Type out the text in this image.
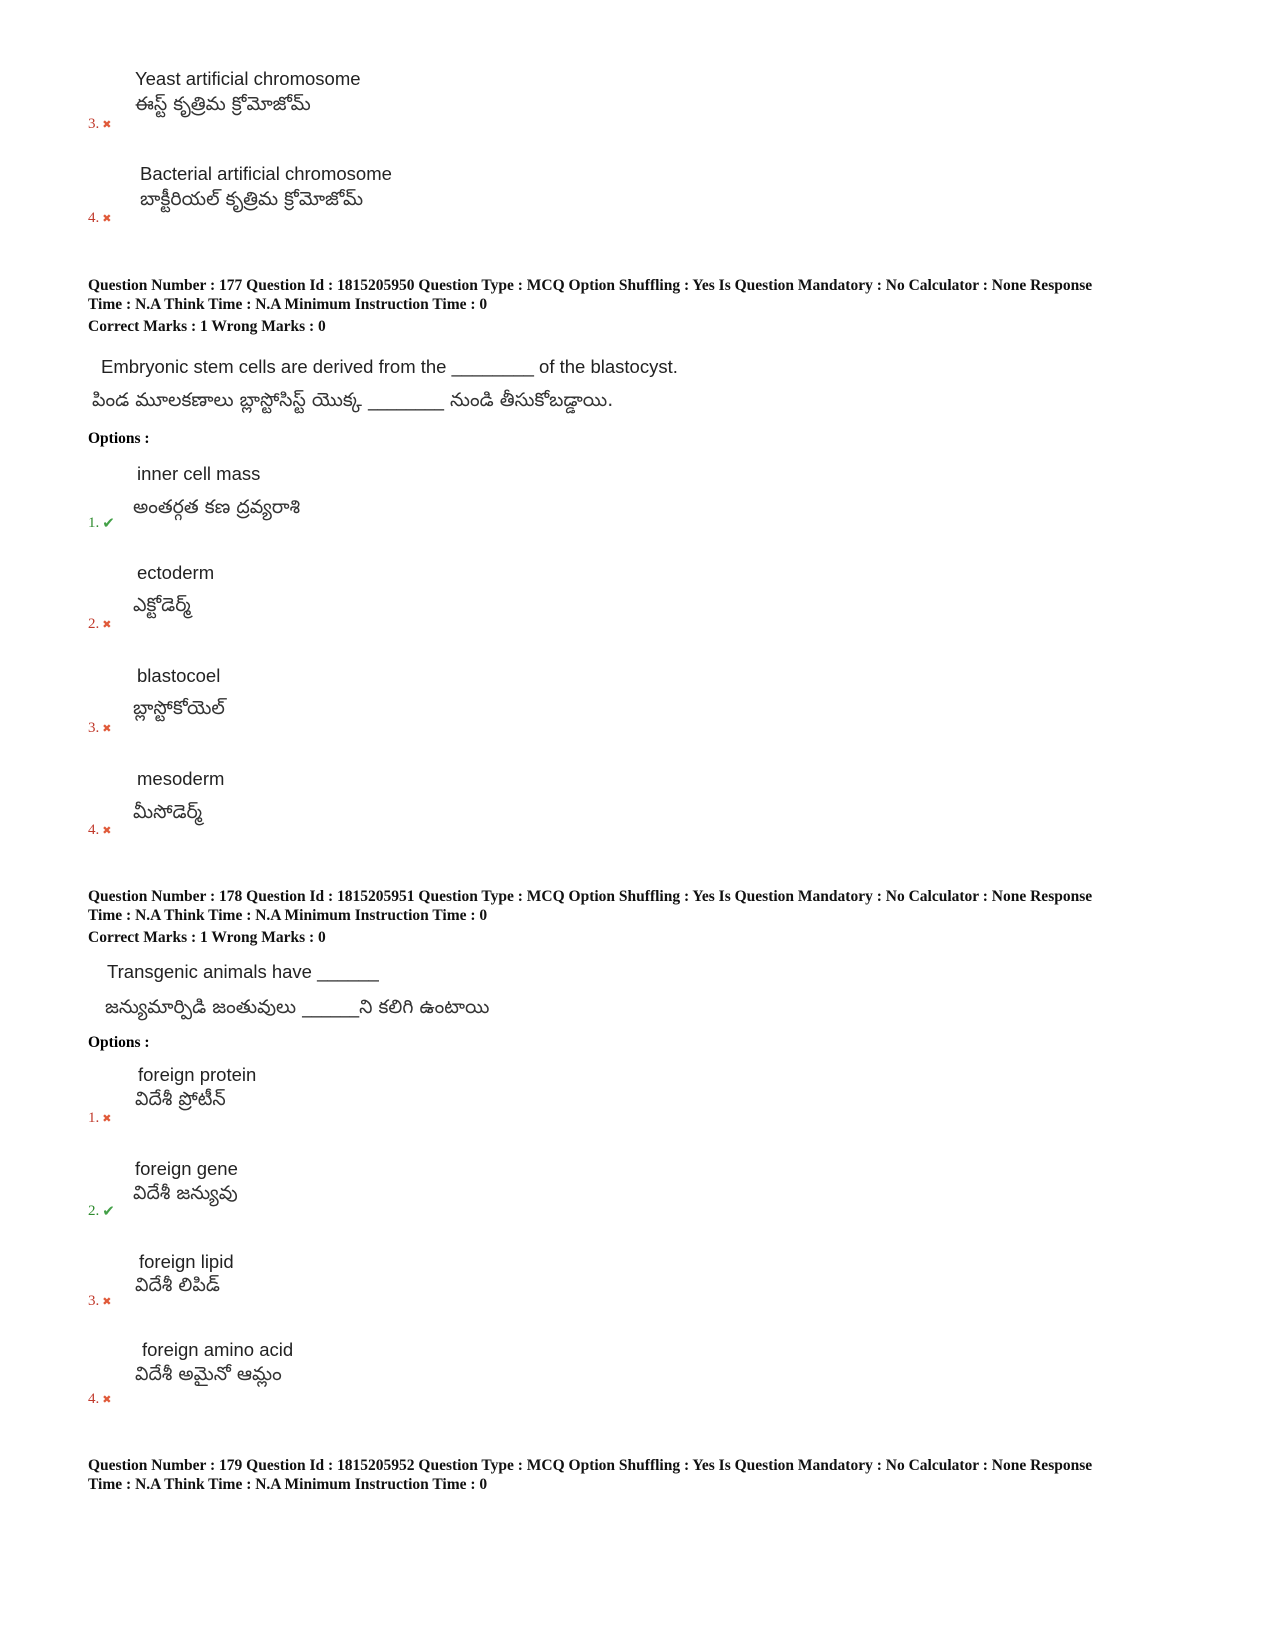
Yeast artificial chromosome
ఈస్ట్ కృత్రిమ క్రోమోజోమ్
3. ✖
Bacterial artificial chromosome
బాక్టీరియల్ కృత్రిమ క్రోమోజోమ్
4. ✖
Question Number : 177 Question Id : 1815205950 Question Type : MCQ Option Shuffling : Yes Is Question Mandatory : No Calculator : None Response
Time : N.A Think Time : N.A Minimum Instruction Time : 0
Correct Marks : 1 Wrong Marks : 0
Embryonic stem cells are derived from the ________ of the blastocyst.
పిండ మూలకణాలు బ్లాస్టోసిస్ట్ యొక్క ________ నుండి తీసుకోబడ్డాయి.
Options :
inner cell mass
అంతర్గత కణ ద్రవ్యరాశి
1. ✔
ectoderm
ఎక్టోడెర్మ్
2. ✖
blastocoel
బ్లాస్టోకోయెల్
3. ✖
mesoderm
మీసోడెర్మ్
4. ✖
Question Number : 178 Question Id : 1815205951 Question Type : MCQ Option Shuffling : Yes Is Question Mandatory : No Calculator : None Response
Time : N.A Think Time : N.A Minimum Instruction Time : 0
Correct Marks : 1 Wrong Marks : 0
Transgenic animals have ______
జన్యుమార్పిడి జంతువులు ______ని కలిగి ఉంటాయి
Options :
foreign protein
విదేశీ ప్రోటీన్
1. ✖
foreign gene
విదేశీ జన్యువు
2. ✔
foreign lipid
విదేశీ లిపిడ్
3. ✖
foreign amino acid
విదేశీ అమైనో ఆమ్లం
4. ✖
Question Number : 179 Question Id : 1815205952 Question Type : MCQ Option Shuffling : Yes Is Question Mandatory : No Calculator : None Response
Time : N.A Think Time : N.A Minimum Instruction Time : 0
